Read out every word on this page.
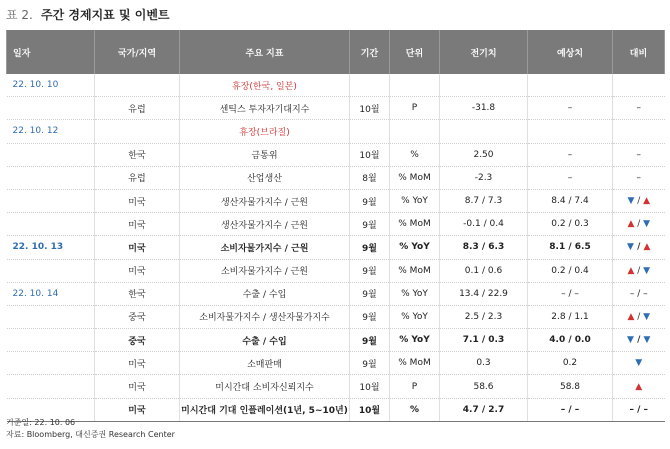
표 2. 주간 경제지표 및 이벤트
일자	국가/지역	주요 지표	기간	단위	전기치	예상치	대비
22. 10. 10		휴장(한국, 일본)					
	유럽	센틱스 투자자기대지수	10월	P	-31.8	–	–
22. 10. 12		휴장(브라질)					
	한국	금통위	10월	%	2.50	–	–
	유럽	산업생산	8월	% MoM	-2.3	–	–
	미국	생산자물가지수 / 근원	9월	% YoY	8.7 / 7.3	8.4 / 7.4	▼ / ▲
	미국	생산자물가지수 / 근원	9월	% MoM	-0.1 / 0.4	0.2 / 0.3	▲ / ▼
22. 10. 13	미국	소비자물가지수 / 근원	9월	% YoY	8.3 / 6.3	8.1 / 6.5	▼ / ▲
	미국	소비자물가지수 / 근원	9월	% MoM	0.1 / 0.6	0.2 / 0.4	▲ / ▼
22. 10. 14	한국	수출 / 수입	9월	% YoY	13.4 / 22.9	– / –	– / –
	중국	소비자물가지수 / 생산자물가지수	9월	% YoY	2.5 / 2.3	2.8 / 1.1	▲ / ▼
	중국	수출 / 수입	9월	% YoY	7.1 / 0.3	4.0 / 0.0	▼ / ▼
	미국	소매판매	9월	% MoM	0.3	0.2	▼
	미국	미시간대 소비자신뢰지수	10월	P	58.6	58.8	▲
	미국	미시간대 기대 인플레이션(1년, 5~10년)	10월	%	4.7 / 2.7	– / –	– / –
기준일: 22. 10. 06
자료: Bloomberg, 대신증권 Research Center
